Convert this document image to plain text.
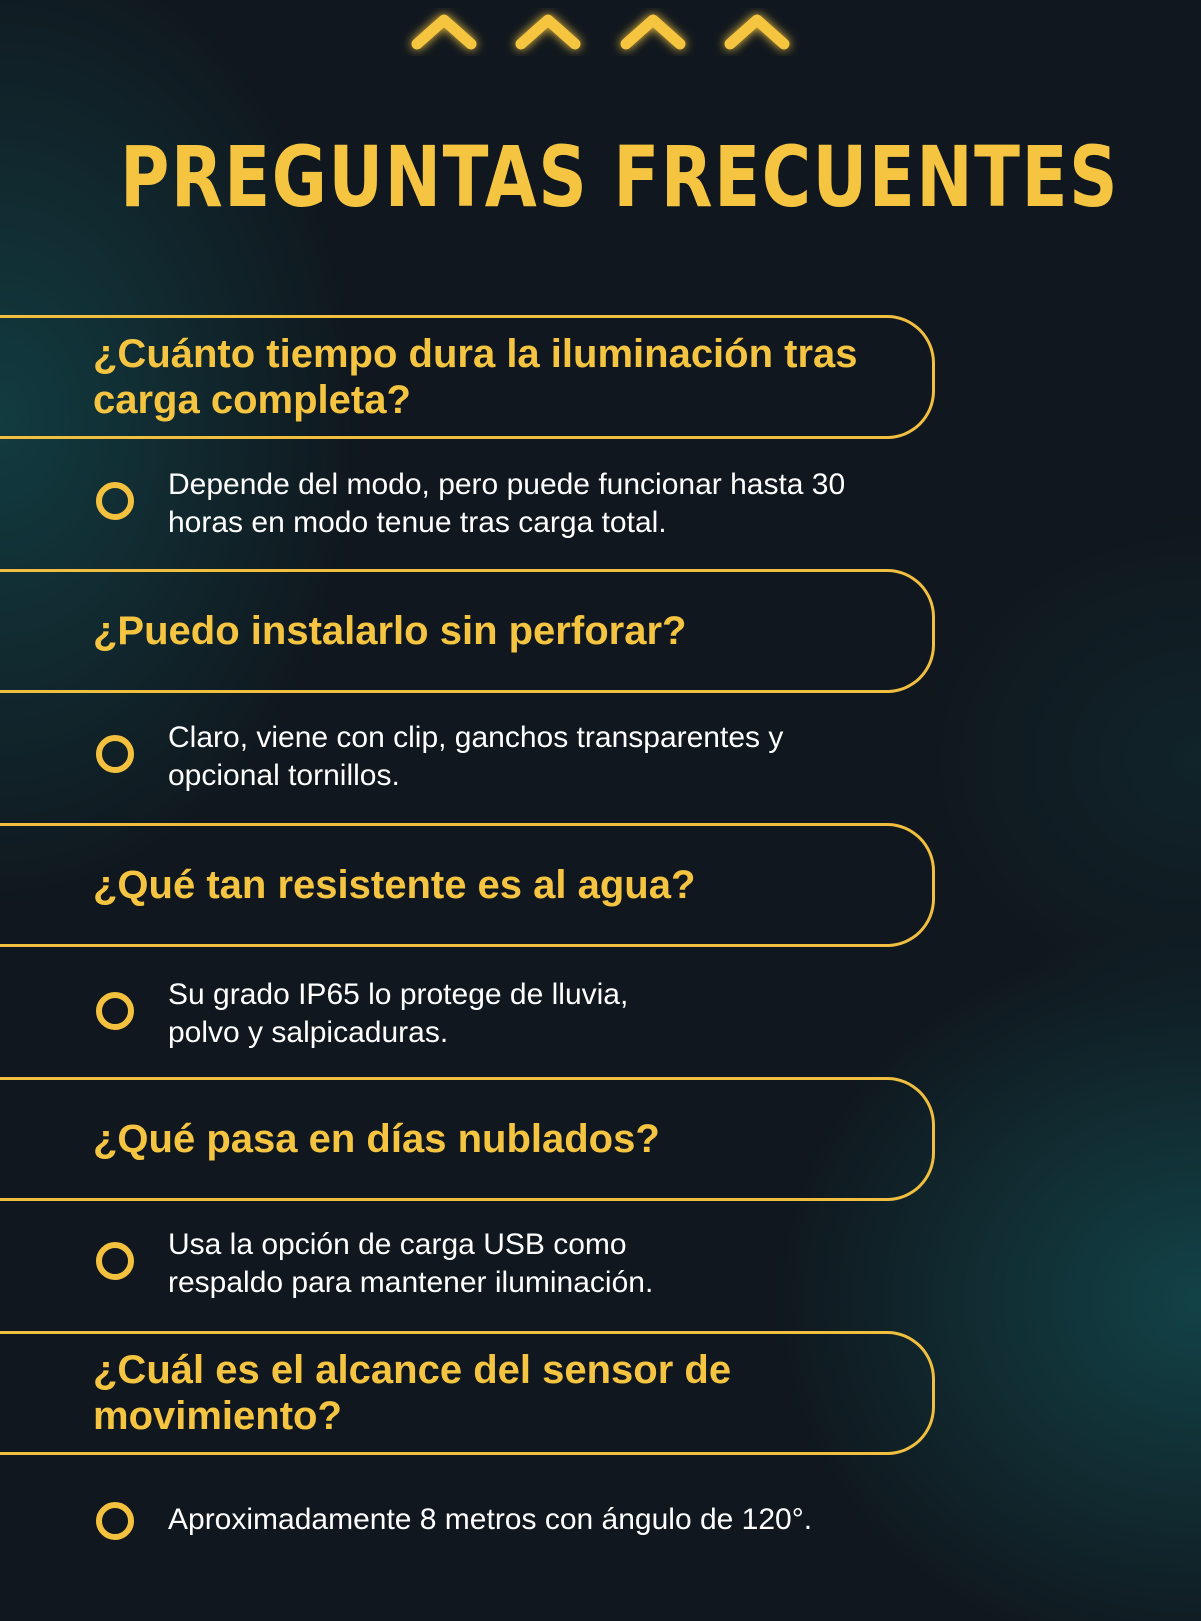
PREGUNTAS FRECUENTES

¿Cuánto tiempo dura la iluminación tras carga completa?

Depende del modo, pero puede funcionar hasta 30 horas en modo tenue tras carga total.

¿Puedo instalarlo sin perforar?

Claro, viene con clip, ganchos transparentes y opcional tornillos.

¿Qué tan resistente es al agua?

Su grado IP65 lo protege de lluvia, polvo y salpicaduras.

¿Qué pasa en días nublados?

Usa la opción de carga USB como respaldo para mantener iluminación.

¿Cuál es el alcance del sensor de movimiento?

Aproximadamente 8 metros con ángulo de 120°.
